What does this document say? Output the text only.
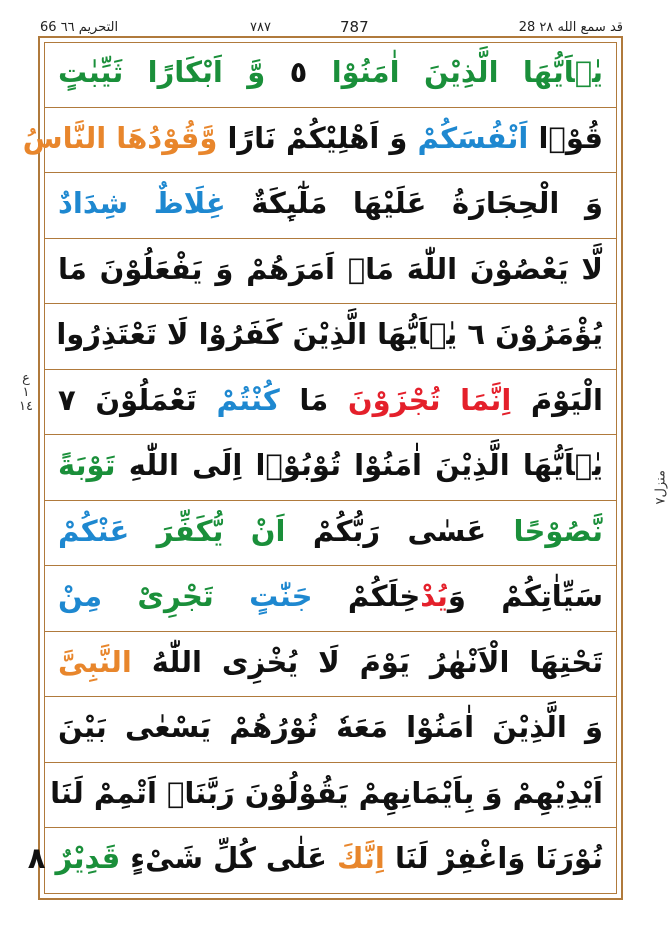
66 التحریم ٦٦	٧٨٧	787	28 قد سمع الله ٢٨
ع
١
١٤
منزل٧
یٰۤاَیُّھَا الَّذِیْنَ اٰمَنُوْا ٥ وَّ اَبْكَارًا ثَیِّبٰتٍ
قُوْۤا اَنْفُسَكُمْ وَ اَھْلِیْكُمْ نَارًا وَّقُوْدُهَا النَّاسُ
وَ الْحِجَارَةُ عَلَیْهَا مَلٰٓىِٕكَةٌ غِلَاظٌ شِدَادٌ
لَّا یَعْصُوْنَ اللّٰهَ مَاۤ اَمَرَهُمْ وَ یَفْعَلُوْنَ مَا
یُؤْمَرُوْنَ ٦ یٰۤاَیُّهَا الَّذِیْنَ كَفَرُوْا لَا تَعْتَذِرُوا
الْیَوْمَ اِنَّمَا تُجْزَوْنَ مَا كُنْتُمْ تَعْمَلُوْنَ ٧
یٰۤاَیُّهَا الَّذِیْنَ اٰمَنُوْا تُوْبُوْۤا اِلَى اللّٰهِ تَوْبَةً
نَّصُوْحًا عَسٰى رَبُّكُمْ اَنْ یُّكَفِّرَ عَنْكُمْ
سَیِّاٰتِكُمْ وَیُدْخِلَكُمْ جَنّٰتٍ تَجْرِیْ مِنْ
تَحْتِهَا الْاَنْهٰرُ یَوْمَ لَا یُخْزِی اللّٰهُ النَّبِیَّ
وَ الَّذِیْنَ اٰمَنُوْا مَعَهٗ نُوْرُهُمْ یَسْعٰى بَیْنَ
اَیْدِیْهِمْ وَ بِاَیْمَانِهِمْ یَقُوْلُوْنَ رَبَّنَاۤ اَتْمِمْ لَنَا
نُوْرَنَا وَاغْفِرْ لَنَا اِنَّكَ عَلٰى كُلِّ شَیْءٍ قَدِیْرٌ ٨
